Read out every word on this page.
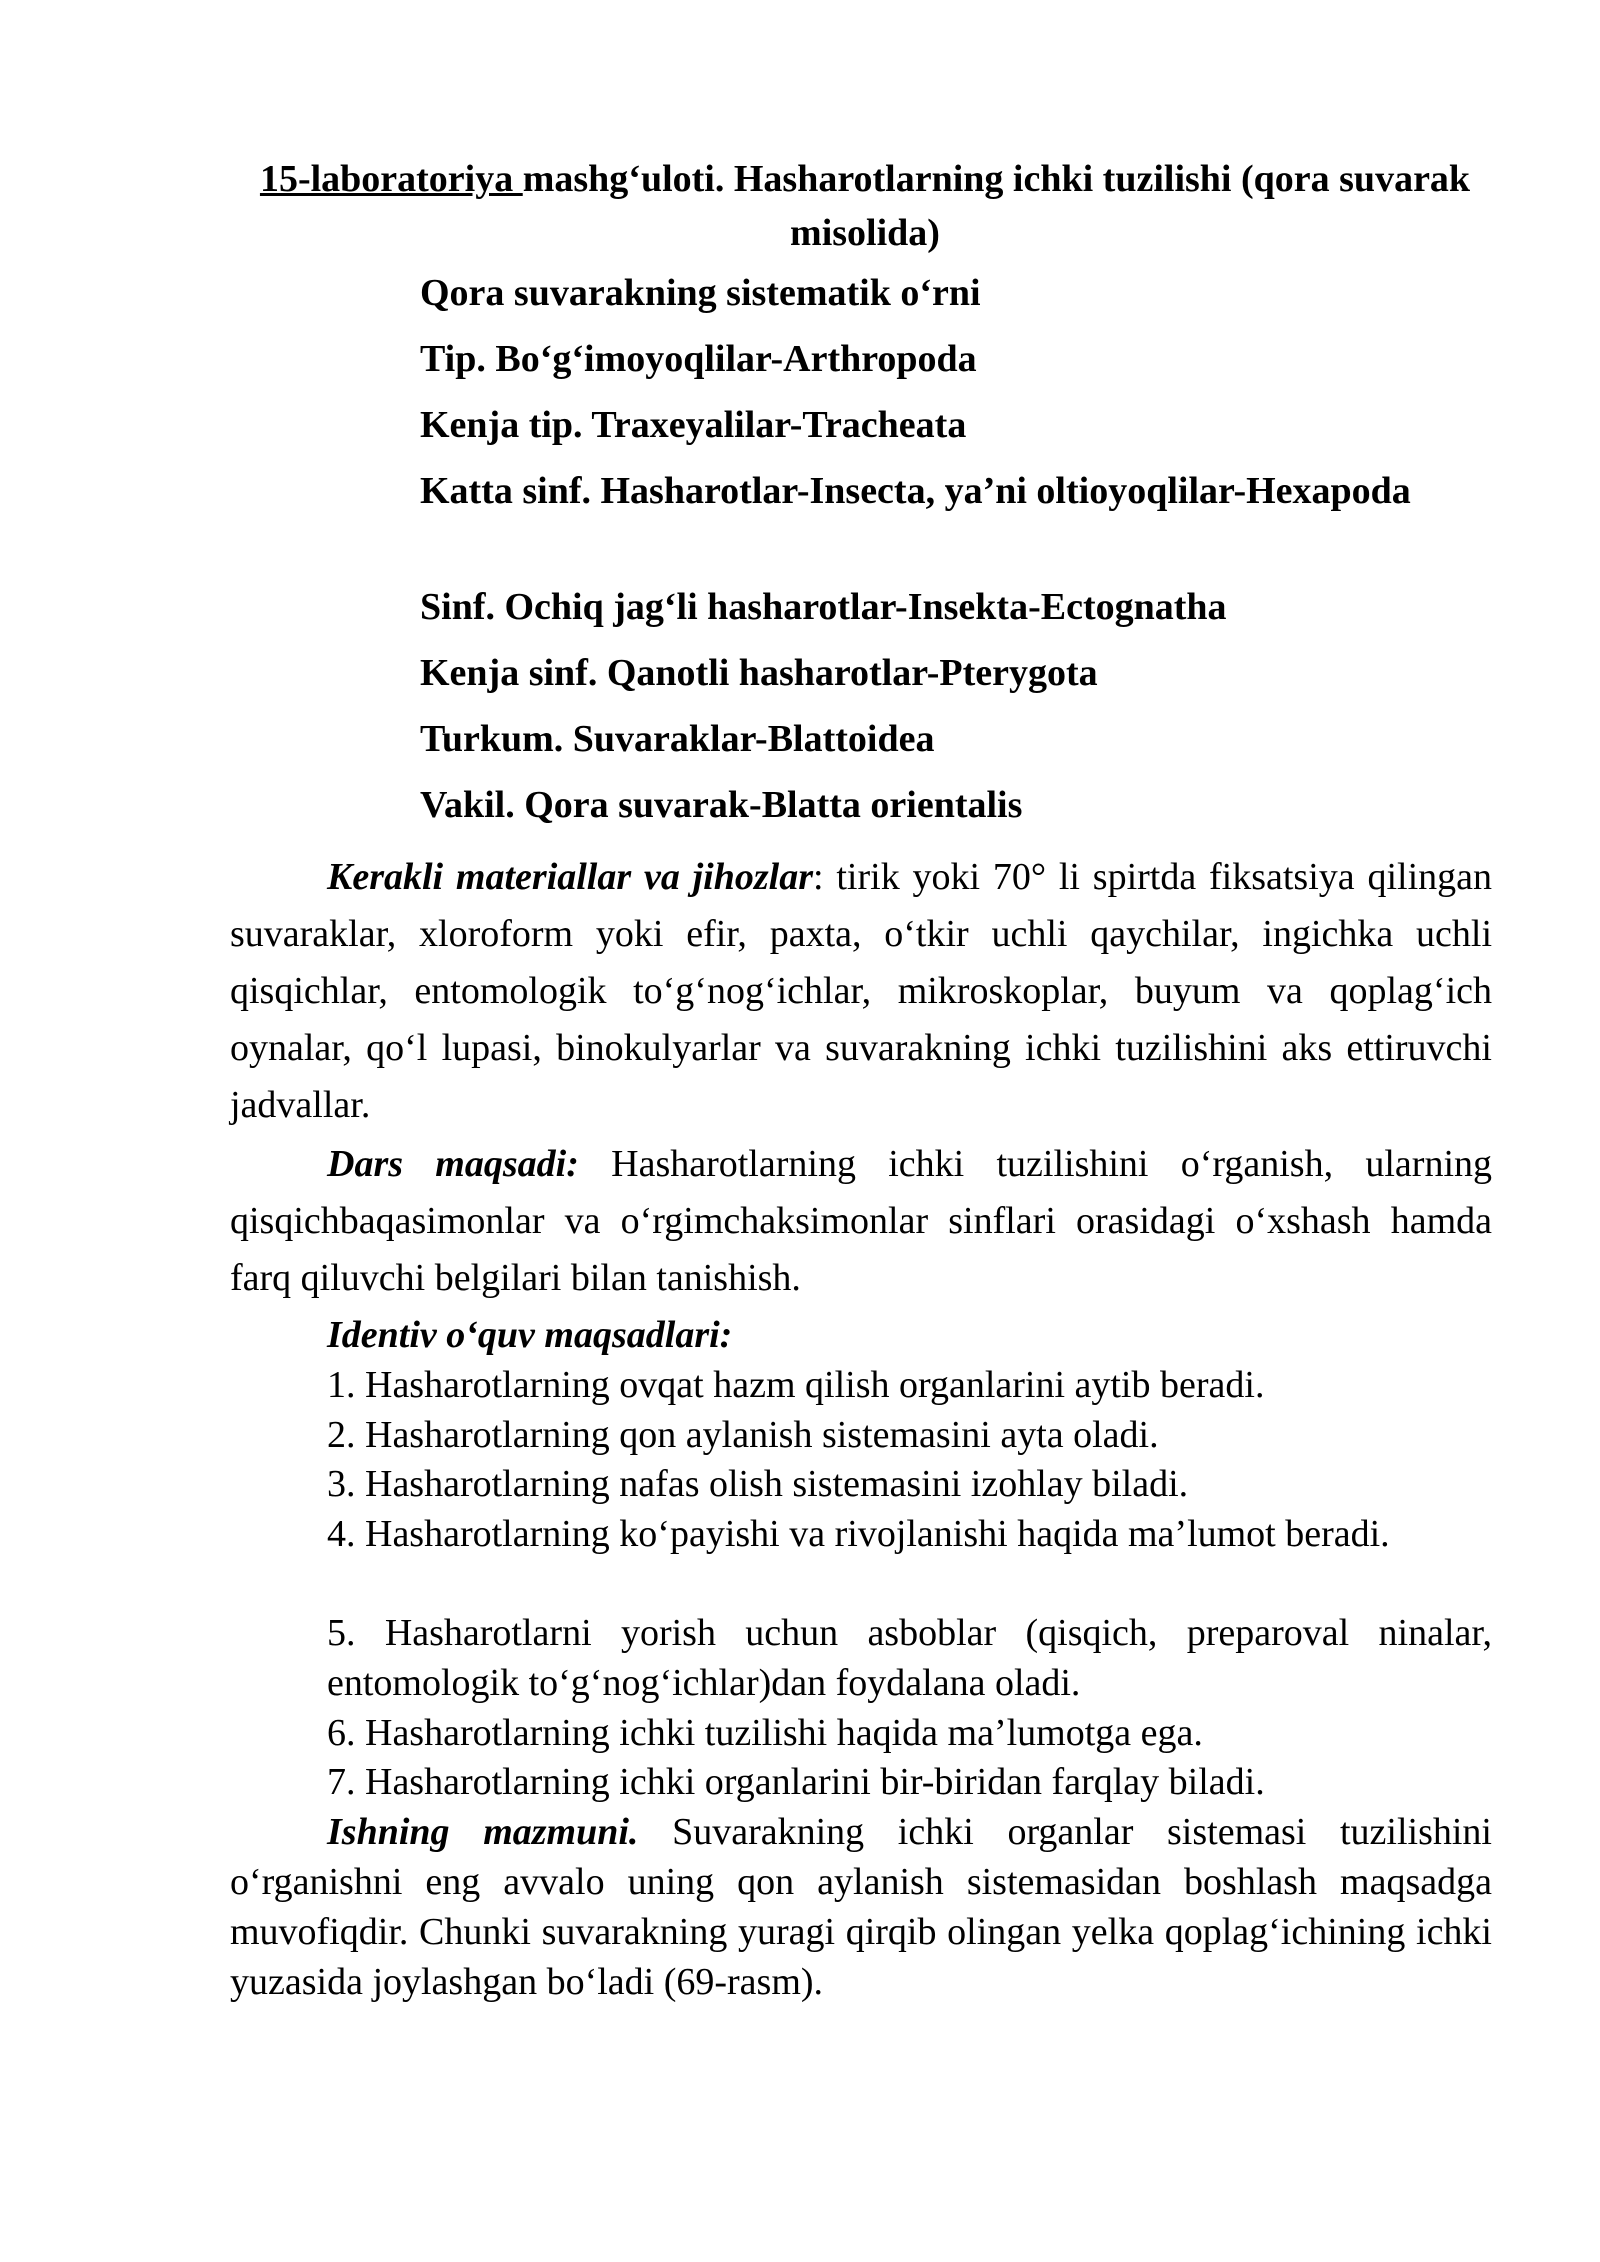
15-laboratoriya mashg‘uloti. Hasharotlarning ichki tuzilishi (qora suvarak misolida)
Qora suvarakning sistematik o‘rni
Tip. Bo‘g‘imoyoqlilar-Arthropoda
Kenja tip. Traxeyalilar-Tracheata
Katta sinf. Hasharotlar-Insecta, ya’ni oltioyoqlilar-Hexapoda
Sinf. Ochiq jag‘li hasharotlar-Insekta-Ectognatha
Kenja sinf. Qanotli hasharotlar-Pterygota
Turkum. Suvaraklar-Blattoidea
Vakil. Qora suvarak-Blatta orientalis
Kerakli materiallar va jihozlar: tirik yoki 70° li spirtda fiksatsiya qilingan suvaraklar, xloroform yoki efir, paxta, o‘tkir uchli qaychilar, ingichka uchli qisqichlar, entomologik to‘g‘nog‘ichlar, mikroskoplar, buyum va qoplag‘ich oynalar, qo‘l lupasi, binokulyarlar va suvarakning ichki tuzilishini aks ettiruvchi jadvallar.
Dars maqsadi: Hasharotlarning ichki tuzilishini o‘rganish, ularning qisqichbaqasimonlar va o‘rgimchaksimonlar sinflari orasidagi o‘xshash hamda farq qiluvchi belgilari bilan tanishish.
Identiv o‘quv maqsadlari:
1. Hasharotlarning ovqat hazm qilish organlarini aytib beradi.
2. Hasharotlarning qon aylanish sistemasini ayta oladi.
3. Hasharotlarning nafas olish sistemasini izohlay biladi.
4. Hasharotlarning ko‘payishi va rivojlanishi haqida ma’lumot beradi.
5. Hasharotlarni yorish uchun asboblar (qisqich, preparoval ninalar, entomologik to‘g‘nog‘ichlar)dan foydalana oladi.
6. Hasharotlarning ichki tuzilishi haqida ma’lumotga ega.
7. Hasharotlarning ichki organlarini bir-biridan farqlay biladi.
Ishning mazmuni. Suvarakning ichki organlar sistemasi tuzilishini o‘rganishni eng avvalo uning qon aylanish sistemasidan boshlash maqsadga muvofiqdir. Chunki suvarakning yuragi qirqib olingan yelka qoplag‘ichining ichki yuzasida joylashgan bo‘ladi (69-rasm).
